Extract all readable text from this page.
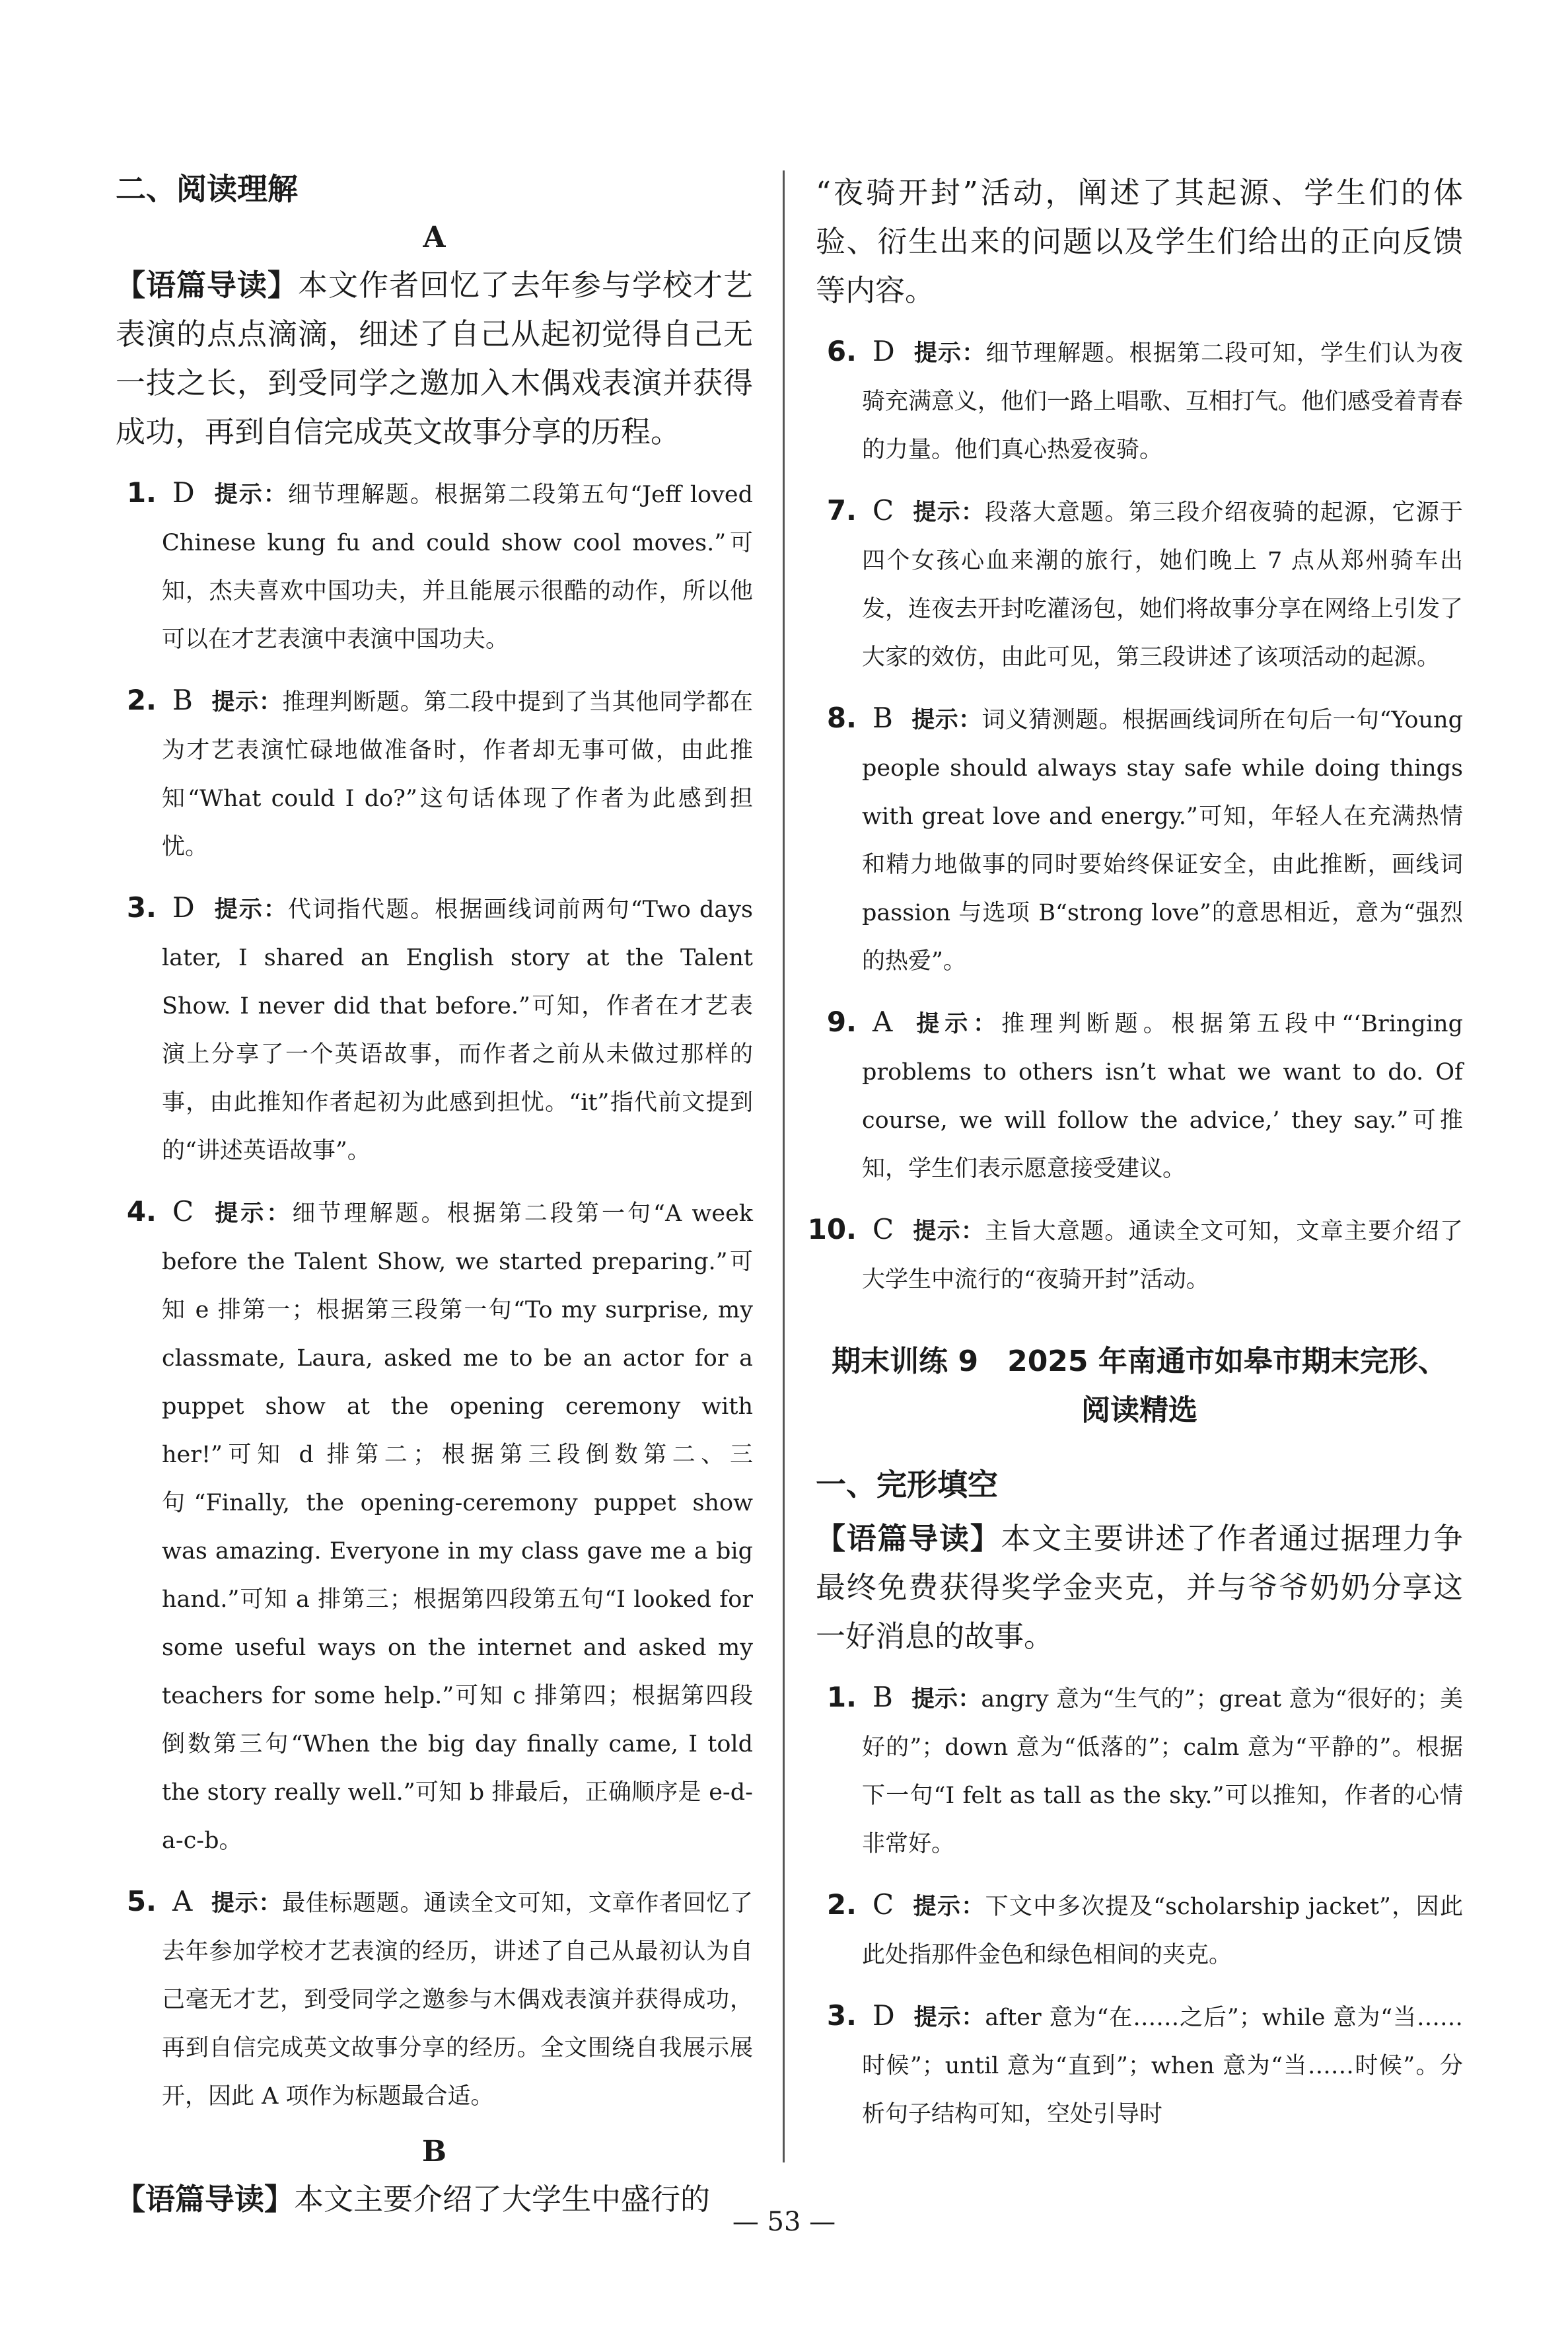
二、阅读理解
A

【语篇导读】本文作者回忆了去年参与学校才艺表演的点点滴滴，细述了自己从起初觉得自己无一技之长，到受同学之邀加入木偶戏表演并获得成功，再到自信完成英文故事分享的历程。

1. D 提示：细节理解题。根据第二段第五句“Jeff loved Chinese kung fu and could show cool moves.”可知，杰夫喜欢中国功夫，并且能展示很酷的动作，所以他可以在才艺表演中表演中国功夫。
2. B 提示：推理判断题。第二段中提到了当其他同学都在为才艺表演忙碌地做准备时，作者却无事可做，由此推知“What could I do?”这句话体现了作者为此感到担忧。
3. D 提示：代词指代题。根据画线词前两句“Two days later, I shared an English story at the Talent Show. I never did that before.”可知，作者在才艺表演上分享了一个英语故事，而作者之前从未做过那样的事，由此推知作者起初为此感到担忧。“it”指代前文提到的“讲述英语故事”。
4. C 提示：细节理解题。根据第二段第一句“A week before the Talent Show, we started preparing.”可知 e 排第一；根据第三段第一句“To my surprise, my classmate, Laura, asked me to be an actor for a puppet show at the opening ceremony with her!”可知 d 排第二；根据第三段倒数第二、三句“Finally, the opening-ceremony puppet show was amazing. Everyone in my class gave me a big hand.”可知 a 排第三；根据第四段第五句“I looked for some useful ways on the internet and asked my teachers for some help.”可知 c 排第四；根据第四段倒数第三句“When the big day finally came, I told the story really well.”可知 b 排最后，正确顺序是 e-d-a-c-b。
5. A 提示：最佳标题题。通读全文可知，文章作者回忆了去年参加学校才艺表演的经历，讲述了自己从最初认为自己毫无才艺，到受同学之邀参与木偶戏表演并获得成功，再到自信完成英文故事分享的经历。全文围绕自我展示展开，因此 A 项作为标题最合适。
B

【语篇导读】本文主要介绍了大学生中盛行的

“夜骑开封”活动，阐述了其起源、学生们的体验、衍生出来的问题以及学生们给出的正向反馈等内容。

6. D 提示：细节理解题。根据第二段可知，学生们认为夜骑充满意义，他们一路上唱歌、互相打气。他们感受着青春的力量。他们真心热爱夜骑。
7. C 提示：段落大意题。第三段介绍夜骑的起源，它源于四个女孩心血来潮的旅行，她们晚上 7 点从郑州骑车出发，连夜去开封吃灌汤包，她们将故事分享在网络上引发了大家的效仿，由此可见，第三段讲述了该项活动的起源。
8. B 提示：词义猜测题。根据画线词所在句后一句“Young people should always stay safe while doing things with great love and energy.”可知，年轻人在充满热情和精力地做事的同时要始终保证安全，由此推断，画线词 passion 与选项 B“strong love”的意思相近，意为“强烈的热爱”。
9. A 提示：推理判断题。根据第五段中“‘Bringing problems to others isn’t what we want to do. Of course, we will follow the advice,’ they say.”可推知，学生们表示愿意接受建议。
10. C 提示：主旨大意题。通读全文可知，文章主要介绍了大学生中流行的“夜骑开封”活动。
期末训练 9　2025 年南通市如皋市期末完形、
阅读精选
一、完形填空

【语篇导读】本文主要讲述了作者通过据理力争最终免费获得奖学金夹克，并与爷爷奶奶分享这一好消息的故事。

1. B 提示：angry 意为“生气的”；great 意为“很好的；美好的”；down 意为“低落的”；calm 意为“平静的”。根据下一句“I felt as tall as the sky.”可以推知，作者的心情非常好。
2. C 提示：下文中多次提及“scholarship jacket”，因此此处指那件金色和绿色相间的夹克。
3. D 提示：after 意为“在……之后”；while 意为“当……时候”；until 意为“直到”；when 意为“当……时候”。分析句子结构可知，空处引导时
— 53 —
